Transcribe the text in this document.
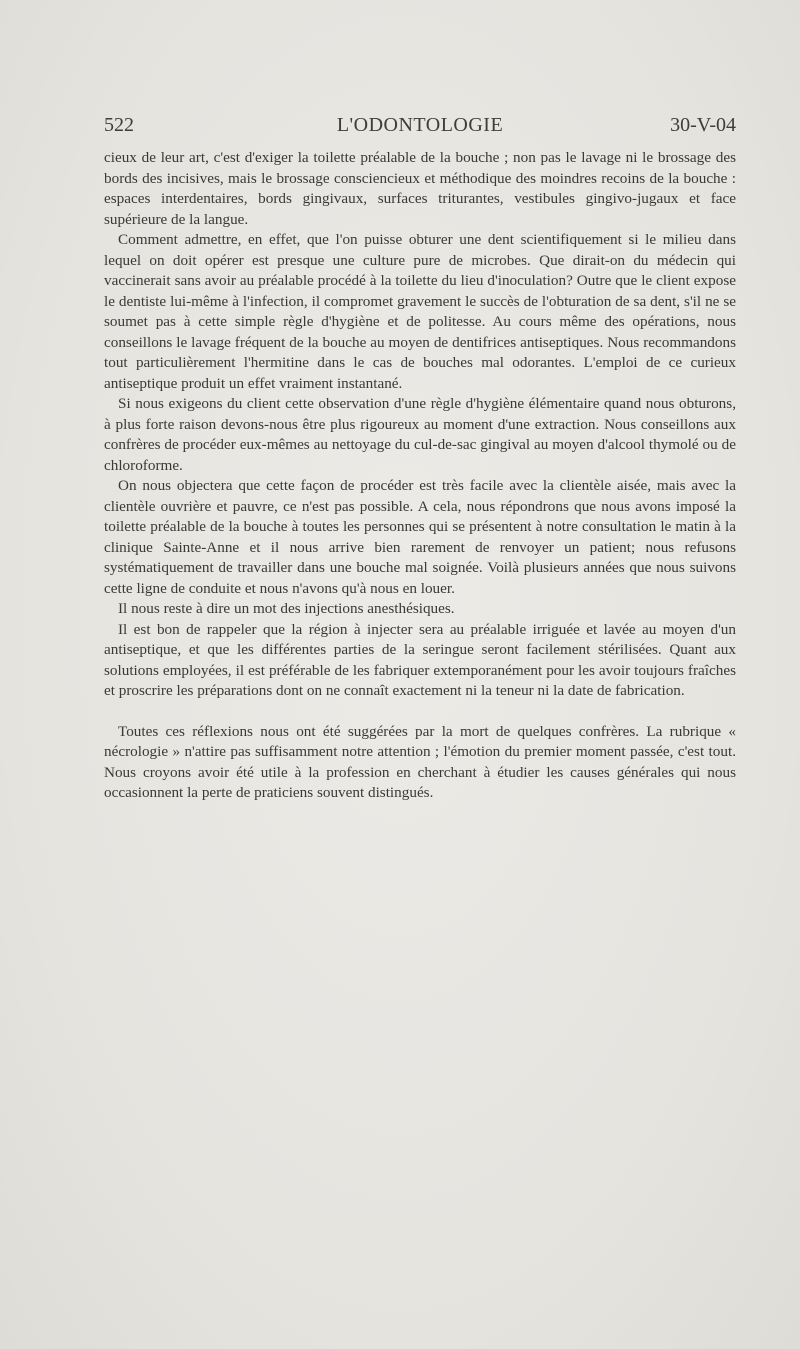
522	L'ODONTOLOGIE	30-V-04

cieux de leur art, c'est d'exiger la toilette préalable de la bouche ; non pas le lavage ni le brossage des bords des incisives, mais le brossage consciencieux et méthodique des moindres recoins de la bouche : espaces interdentaires, bords gingivaux, surfaces triturantes, vestibules gingivo-jugaux et face supérieure de la langue.

Comment admettre, en effet, que l'on puisse obturer une dent scientifiquement si le milieu dans lequel on doit opérer est presque une culture pure de microbes. Que dirait-on du médecin qui vaccinerait sans avoir au préalable procédé à la toilette du lieu d'inoculation? Outre que le client expose le dentiste lui-même à l'infection, il compromet gravement le succès de l'obturation de sa dent, s'il ne se soumet pas à cette simple règle d'hygiène et de politesse. Au cours même des opérations, nous conseillons le lavage fréquent de la bouche au moyen de dentifrices antiseptiques. Nous recommandons tout particulièrement l'hermitine dans le cas de bouches mal odorantes. L'emploi de ce curieux antiseptique produit un effet vraiment instantané.

Si nous exigeons du client cette observation d'une règle d'hygiène élémentaire quand nous obturons, à plus forte raison devons-nous être plus rigoureux au moment d'une extraction. Nous conseillons aux confrères de procéder eux-mêmes au nettoyage du cul-de-sac gingival au moyen d'alcool thymolé ou de chloroforme.

On nous objectera que cette façon de procéder est très facile avec la clientèle aisée, mais avec la clientèle ouvrière et pauvre, ce n'est pas possible. A cela, nous répondrons que nous avons imposé la toilette préalable de la bouche à toutes les personnes qui se présentent à notre consultation le matin à la clinique Sainte-Anne et il nous arrive bien rarement de renvoyer un patient; nous refusons systématiquement de travailler dans une bouche mal soignée. Voilà plusieurs années que nous suivons cette ligne de conduite et nous n'avons qu'à nous en louer.

Il nous reste à dire un mot des injections anesthésiques.

Il est bon de rappeler que la région à injecter sera au préalable irriguée et lavée au moyen d'un antiseptique, et que les différentes parties de la seringue seront facilement stérilisées. Quant aux solutions employées, il est préférable de les fabriquer extemporanément pour les avoir toujours fraîches et proscrire les préparations dont on ne connaît exactement ni la teneur ni la date de fabrication.

Toutes ces réflexions nous ont été suggérées par la mort de quelques confrères. La rubrique « nécrologie » n'attire pas suffisamment notre attention ; l'émotion du premier moment passée, c'est tout. Nous croyons avoir été utile à la profession en cherchant à étudier les causes générales qui nous occasionnent la perte de praticiens souvent distingués.
